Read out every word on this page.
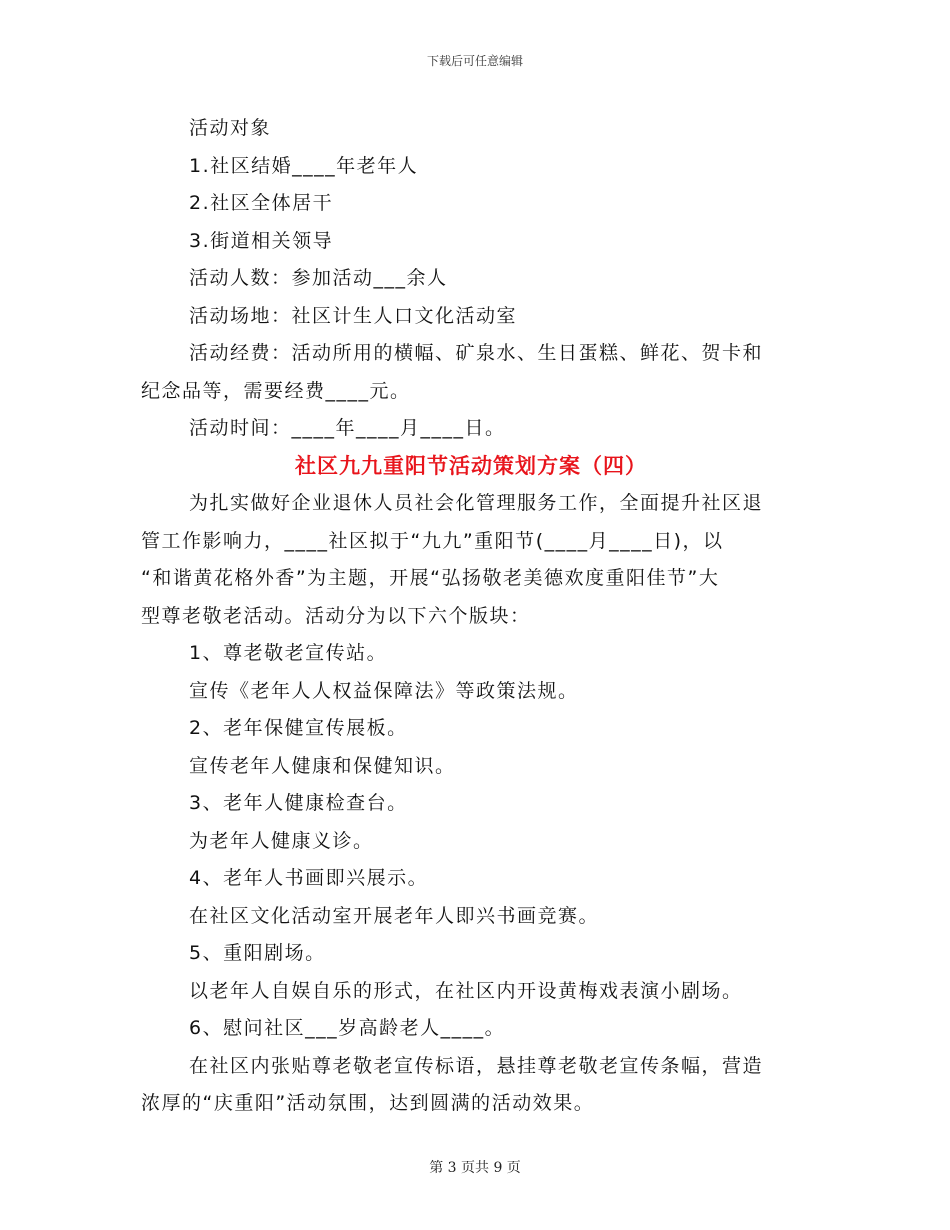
下载后可任意编辑
活动对象
1.社区结婚____年老年人
2.社区全体居干
3.街道相关领导
活动人数：参加活动___余人
活动场地：社区计生人口文化活动室
活动经费：活动所用的横幅、矿泉水、生日蛋糕、鲜花、贺卡和
纪念品等，需要经费____元。
活动时间：____年____月____日。
社区九九重阳节活动策划方案（四）
为扎实做好企业退休人员社会化管理服务工作，全面提升社区退
管工作影响力，____社区拟于“九九”重阳节(____月____日)，以
“和谐黄花格外香”为主题，开展“弘扬敬老美德欢度重阳佳节”大
型尊老敬老活动。活动分为以下六个版块：
1、尊老敬老宣传站。
宣传《老年人人权益保障法》等政策法规。
2、老年保健宣传展板。
宣传老年人健康和保健知识。
3、老年人健康检查台。
为老年人健康义诊。
4、老年人书画即兴展示。
在社区文化活动室开展老年人即兴书画竞赛。
5、重阳剧场。
以老年人自娱自乐的形式，在社区内开设黄梅戏表演小剧场。
6、慰问社区___岁高龄老人____。
在社区内张贴尊老敬老宣传标语，悬挂尊老敬老宣传条幅，营造
浓厚的“庆重阳”活动氛围，达到圆满的活动效果。
第 3 页共 9 页
